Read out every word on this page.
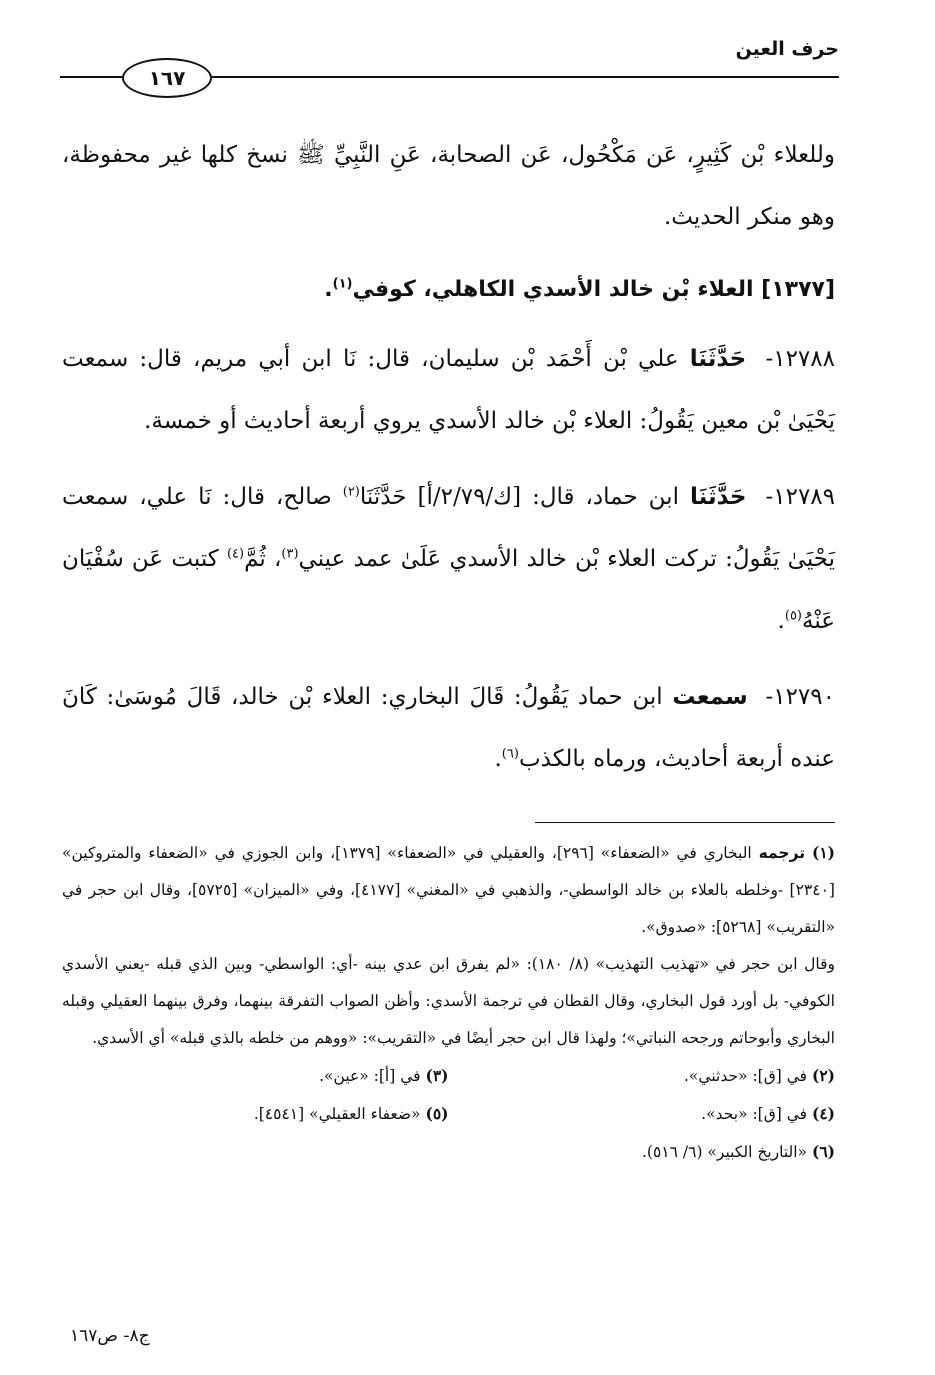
حرف العين
١٦٧

وللعلاء بْن كَثِيرٍ، عَن مَكْحُول، عَن الصحابة، عَنِ النَّبِيِّ ﷺ نسخ كلها غير محفوظة، وهو منكر الحديث.

[١٣٧٧] العلاء بْن خالد الأسدي الكاهلي، كوفي$^{(١)}$.

١٢٧٨٨- حَدَّثَنَا علي بْن أَحْمَد بْن سليمان، قال: نَا ابن أبي مريم، قال: سمعت يَحْيَىٰ بْن معين يَقُولُ: العلاء بْن خالد الأسدي يروي أربعة أحاديث أو خمسة.

١٢٧٨٩- حَدَّثَنَا ابن حماد، قال: [ك/٢/٧٩/أ] حَدَّثَنَا$^{(٢)}$ صالح، قال: نَا علي، سمعت يَحْيَىٰ يَقُولُ: تركت العلاء بْن خالد الأسدي عَلَىٰ عمد عيني$^{(٣)}$، ثُمَّ$^{(٤)}$ كتبت عَن سُفْيَان عَنْهُ$^{(٥)}$.

١٢٧٩٠- سمعت ابن حماد يَقُولُ: قَالَ البخاري: العلاء بْن خالد، قَالَ مُوسَىٰ: كَانَ عنده أربعة أحاديث، ورماه بالكذب$^{(٦)}$.

(١) ترجمه البخاري في «الضعفاء» [٢٩٦]، والعقيلي في «الضعفاء» [١٣٧٩]، وابن الجوزي في «الضعفاء والمتروكين» [٢٣٤٠] -وخلطه بالعلاء بن خالد الواسطي-، والذهبي في «المغني» [٤١٧٧]، وفي «الميزان» [٥٧٢٥]، وقال ابن حجر في «التقريب» [٥٢٦٨]: «صدوق».
وقال ابن حجر في «تهذيب التهذيب» (٨/ ١٨٠): «لم يفرق ابن عدي بينه -أي: الواسطي- وبين الذي قبله -يعني الأسدي الكوفي- بل أورد قول البخاري، وقال القطان في ترجمة الأسدي: وأظن الصواب التفرقة بينهما، وفرق بينهما العقيلي وقبله البخاري وأبوحاتم ورجحه النباتي»؛ ولهذا قال ابن حجر أيضًا في «التقريب»: «ووهم من خلطه بالذي قبله» أي الأسدي.
(٢) في [ق]: «حدثني».
(٣) في [أ]: «عين».
(٤) في [ق]: «بحد».
(٥) «ضعفاء العقيلي» [٤٥٤١].
(٦) «التاريخ الكبير» (٦/ ٥١٦).
ج٨- ص١٦٧
